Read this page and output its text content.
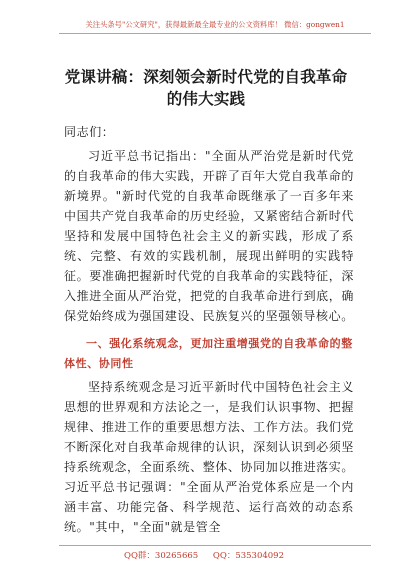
关注头条号"公文研究"，获得最新最全最专业的公文资料库！ 微信：gongwen1
党课讲稿：深刻领会新时代党的自我革命
的伟大实践
同志们：
习近平总书记指出："全面从严治党是新时代党的自我革命的伟大实践，开辟了百年大党自我革命的新境界。"新时代党的自我革命既继承了一百多年来中国共产党自我革命的历史经验，又紧密结合新时代坚持和发展中国特色社会主义的新实践，形成了系统、完整、有效的实践机制，展现出鲜明的实践特征。要准确把握新时代党的自我革命的实践特征，深入推进全面从严治党，把党的自我革命进行到底，确保党始终成为强国建设、民族复兴的坚强领导核心。
一、强化系统观念，更加注重增强党的自我革命的整体性、协同性
坚持系统观念是习近平新时代中国特色社会主义思想的世界观和方法论之一，是我们认识事物、把握规律、推进工作的重要思想方法、工作方法。我们党不断深化对自我革命规律的认识，深刻认识到必须坚持系统观念，全面系统、整体、协同加以推进落实。习近平总书记强调："全面从严治党体系应是一个内涵丰富、功能完备、科学规范、运行高效的动态系统。"其中，"全面"就是管全
QQ群：30265665 QQ：535304092
